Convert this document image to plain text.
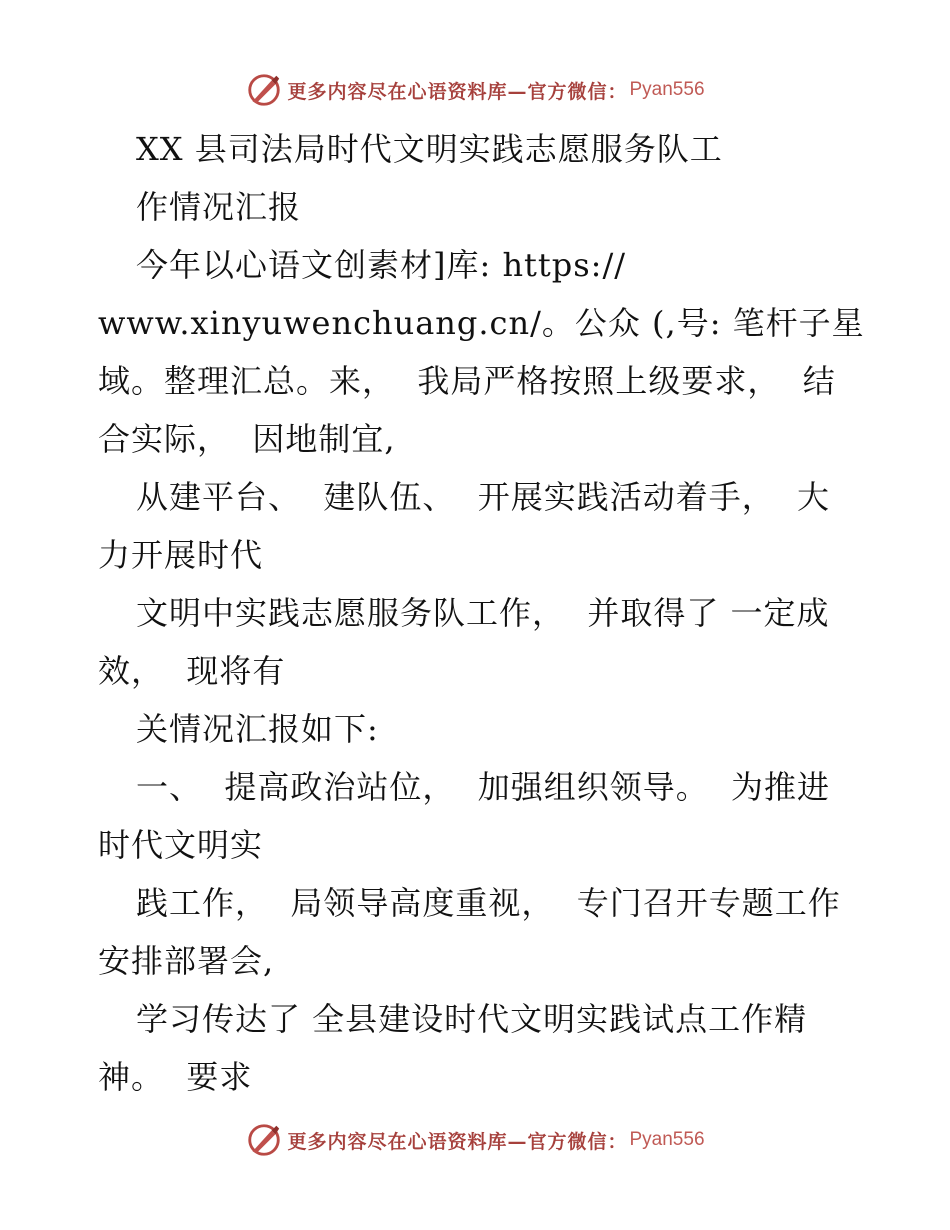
更多内容尽在心语资料库—官方微信： Pyan556
XX 县司法局时代文明实践志愿服务队工
作情况汇报
今年以心语文创素材]库: https://
www.xinyuwenchuang.cn/。公众 (,号: 笔杆子星
域。整理汇总。来，  我局严格按照上级要求，  结
合实际，  因地制宜,
从建平台、  建队伍、  开展实践活动着手，  大
力开展时代
文明中实践志愿服务队工作，  并取得了 一定成
效，  现将有
关情况汇报如下:
一、  提高政治站位，  加强组织领导。  为推进
时代文明实
践工作，  局领导高度重视，  专门召开专题工作
安排部署会,
学习传达了 全县建设时代文明实践试点工作精
神。  要求
更多内容尽在心语资料库—官方微信： Pyan556
